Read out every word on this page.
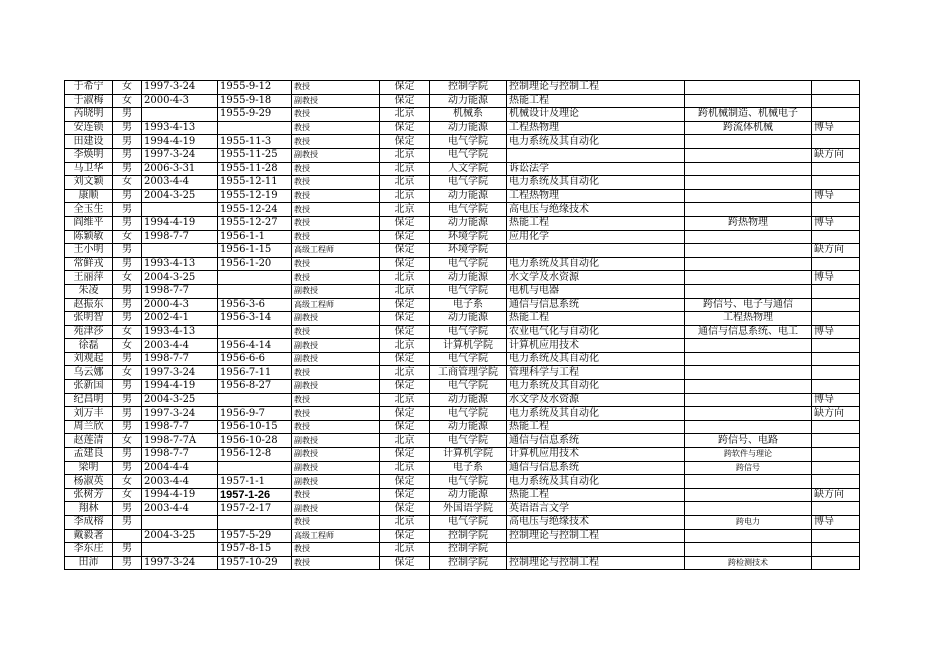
于希宁	女	1997-3-24	1955-9-12	教授	保定	控制学院	控制理论与控制工程		
于淑梅	女	2000-4-3	1955-9-18	副教授	保定	动力能源	热能工程		
芮晓明	男		1955-9-29	教授	北京	机械系	机械设计及理论	跨机械制造、机械电子	
安连锁	男	1993-4-13		教授	保定	动力能源	工程热物理	跨流体机械	博导
田建设	男	1994-4-19	1955-11-3	教授	保定	电气学院	电力系统及其自动化		
李焕明	男	1997-3-24	1955-11-25	副教授	北京	电气学院			缺方向
马卫华	男	2006-3-31	1955-11-28	教授	北京	人文学院	诉讼法学		
刘文颖	女	2003-4-4	1955-12-11	教授	北京	电气学院	电力系统及其自动化		
康顺	男	2004-3-25	1955-12-19	教授	北京	动力能源	工程热物理		博导
全玉生	男		1955-12-24	教授	北京	电气学院	高电压与绝缘技术		
阎维平	男	1994-4-19	1955-12-27	教授	保定	动力能源	热能工程	跨热物理	博导
陈颖敏	女	1998-7-7	1956-1-1	教授	保定	环境学院	应用化学		
王小明	男		1956-1-15	高级工程师	保定	环境学院			缺方向
常鲜戎	男	1993-4-13	1956-1-20	教授	保定	电气学院	电力系统及其自动化		
王丽萍	女	2004-3-25		教授	北京	动力能源	水文学及水资源		博导
朱凌	男	1998-7-7		副教授	北京	电气学院	电机与电器		
赵振东	男	2000-4-3	1956-3-6	高级工程师	保定	电子系	通信与信息系统	跨信号、电子与通信	
张明智	男	2002-4-1	1956-3-14	副教授	保定	动力能源	热能工程	工程热物理	
苑津莎	女	1993-4-13		教授	保定	电气学院	农业电气化与自动化	通信与信息系统、电工	博导
徐磊	女	2003-4-4	1956-4-14	副教授	北京	计算机学院	计算机应用技术		
刘观起	男	1998-7-7	1956-6-6	副教授	保定	电气学院	电力系统及其自动化		
乌云娜	女	1997-3-24	1956-7-11	教授	北京	工商管理学院	管理科学与工程		
张新国	男	1994-4-19	1956-8-27	副教授	保定	电气学院	电力系统及其自动化		
纪昌明	男	2004-3-25		教授	北京	动力能源	水文学及水资源		博导
刘万丰	男	1997-3-24	1956-9-7	教授	保定	电气学院	电力系统及其自动化		缺方向
周兰欣	男	1998-7-7	1956-10-15	教授	保定	动力能源	热能工程		
赵莲清	女	1998-7-7À	1956-10-28	副教授	北京	电气学院	通信与信息系统	跨信号、电路	
孟建良	男	1998-7-7	1956-12-8	副教授	保定	计算机学院	计算机应用技术	跨软件与理论	
梁明	男	2004-4-4		副教授	北京	电子系	通信与信息系统	跨信号	
杨淑英	女	2003-4-4	1957-1-1	副教授	保定	电气学院	电力系统及其自动化		
张树芳	女	1994-4-19	1957-1-26	教授	保定	动力能源	热能工程		缺方向
翔林	男	2003-4-4	1957-2-17	副教授	保定	外国语学院	英语语言文学		
李成榕	男			教授	北京	电气学院	高电压与绝缘技术	跨电力	博导
戴毅著		2004-3-25	1957-5-29	高级工程师	保定	控制学院	控制理论与控制工程		
李东庄	男		1957-8-15	教授	北京	控制学院			
田沛	男	1997-3-24	1957-10-29	教授	保定	控制学院	控制理论与控制工程	跨检测技术	
